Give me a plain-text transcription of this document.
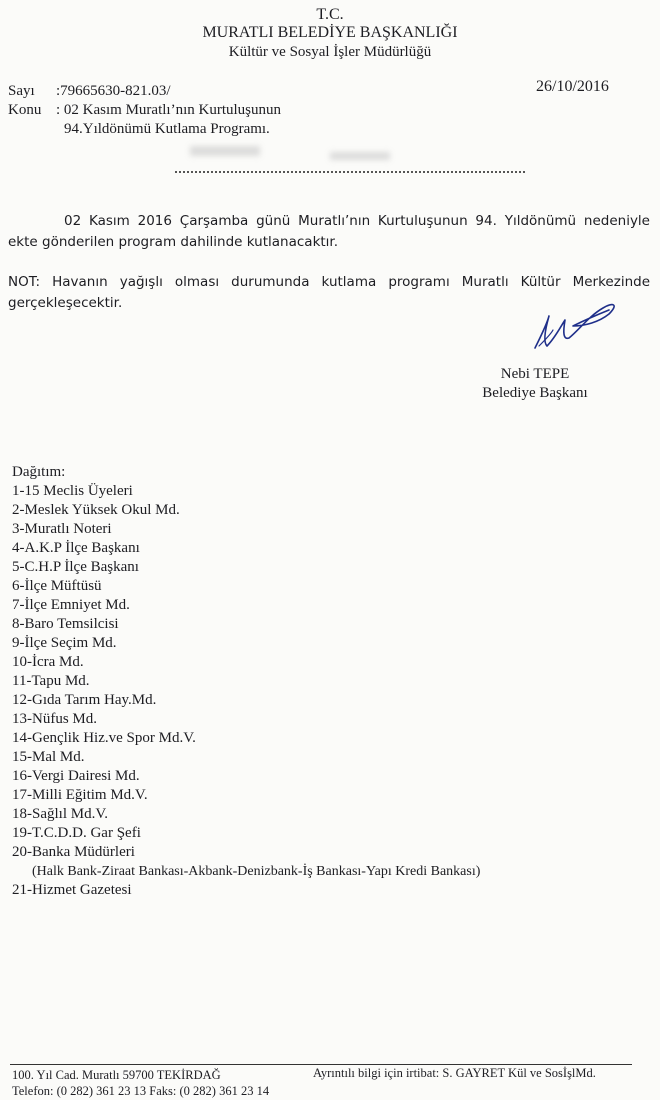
T.C.
MURATLI BELEDİYE BAŞKANLIĞI
Kültür ve Sosyal İşler Müdürlüğü
Sayı :79665630-821.03/	26/10/2016
Konu : 02 Kasım Muratlı’nın Kurtuluşunun
94.Yıldönümü Kutlama Programı.
02 Kasım 2016 Çarşamba günü Muratlı’nın Kurtuluşunun 94. Yıldönümü nedeniyle ekte gönderilen program dahilinde kutlanacaktır.
NOT: Havanın yağışlı olması durumunda kutlama programı Muratlı Kültür Merkezinde gerçekleşecektir.
Nebi TEPE
Belediye Başkanı
Dağıtım:
1-15 Meclis Üyeleri
2-Meslek Yüksek Okul Md.
3-Muratlı Noteri
4-A.K.P İlçe Başkanı
5-C.H.P İlçe Başkanı
6-İlçe Müftüsü
7-İlçe Emniyet Md.
8-Baro Temsilcisi
9-İlçe Seçim Md.
10-İcra Md.
11-Tapu Md.
12-Gıda Tarım Hay.Md.
13-Nüfus Md.
14-Gençlik Hiz.ve Spor Md.V.
15-Mal Md.
16-Vergi Dairesi Md.
17-Milli Eğitim Md.V.
18-Sağlıl Md.V.
19-T.C.D.D. Gar Şefi
20-Banka Müdürleri
(Halk Bank-Ziraat Bankası-Akbank-Denizbank-İş Bankası-Yapı Kredi Bankası)
21-Hizmet Gazetesi
100. Yıl Cad. Muratlı 59700 TEKİRDAĞ	Ayrıntılı bilgi için irtibat: S. GAYRET Kül ve SosİşlMd.
Telefon: (0 282) 361 23 13 Faks: (0 282) 361 23 14
